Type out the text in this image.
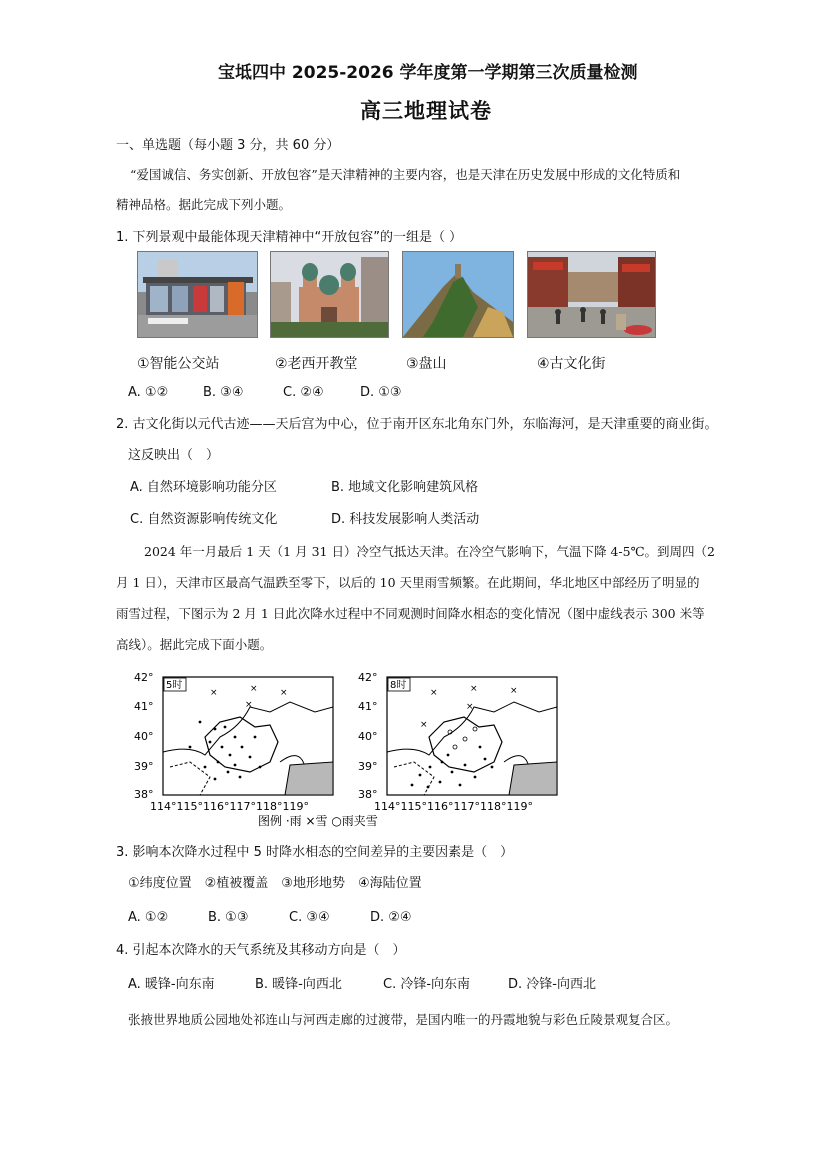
宝坻四中 2025-2026 学年度第一学期第三次质量检测
高三地理试卷
一、单选题（每小题 3 分，共 60 分）
“爱国诚信、务实创新、开放包容”是天津精神的主要内容，也是天津在历史发展中形成的文化特质和
精神品格。据此完成下列小题。
1. 下列景观中最能体现天津精神中“开放包容”的一组是（ ）
①智能公交站	②老西开教堂	③盘山	④古文化街
A. ①②	B. ③④	C. ②④	D. ①③
2. 古文化街以元代古迹——天后宫为中心，位于南开区东北角东门外，东临海河，是天津重要的商业街。
这反映出（　）
A. 自然环境影响功能分区	B. 地域文化影响建筑风格
C. 自然资源影响传统文化	D. 科技发展影响人类活动
2024 年一月最后 1 天（1 月 31 日）冷空气抵达天津。在冷空气影响下，气温下降 4-5℃。到周四（2
月 1 日），天津市区最高气温跌至零下，以后的 10 天里雨雪频繁。在此期间，华北地区中部经历了明显的
雨雪过程，下图示为 2 月 1 日此次降水过程中不同观测时间降水相态的变化情况（图中虚线表示 300 米等
高线）。据此完成下面小题。
×	× ×
×
5时
42°
41°
40°
39°
38°
114°115°116°117°118°119°
×	×	×
×
×
8时
42°
41°
40°
39°
38°
114°115°116°117°118°119°
图例 ·雨 ×雪 ○雨夹雪
3. 影响本次降水过程中 5 时降水相态的空间差异的主要因素是（　）
①纬度位置　②植被覆盖　③地形地势　④海陆位置
A. ①②	B. ①③	C. ③④	D. ②④
4. 引起本次降水的天气系统及其移动方向是（　）
A. 暖锋-向东南	B. 暖锋-向西北	C. 冷锋-向东南	D. 冷锋-向西北
张掖世界地质公园地处祁连山与河西走廊的过渡带，是国内唯一的丹霞地貌与彩色丘陵景观复合区。
